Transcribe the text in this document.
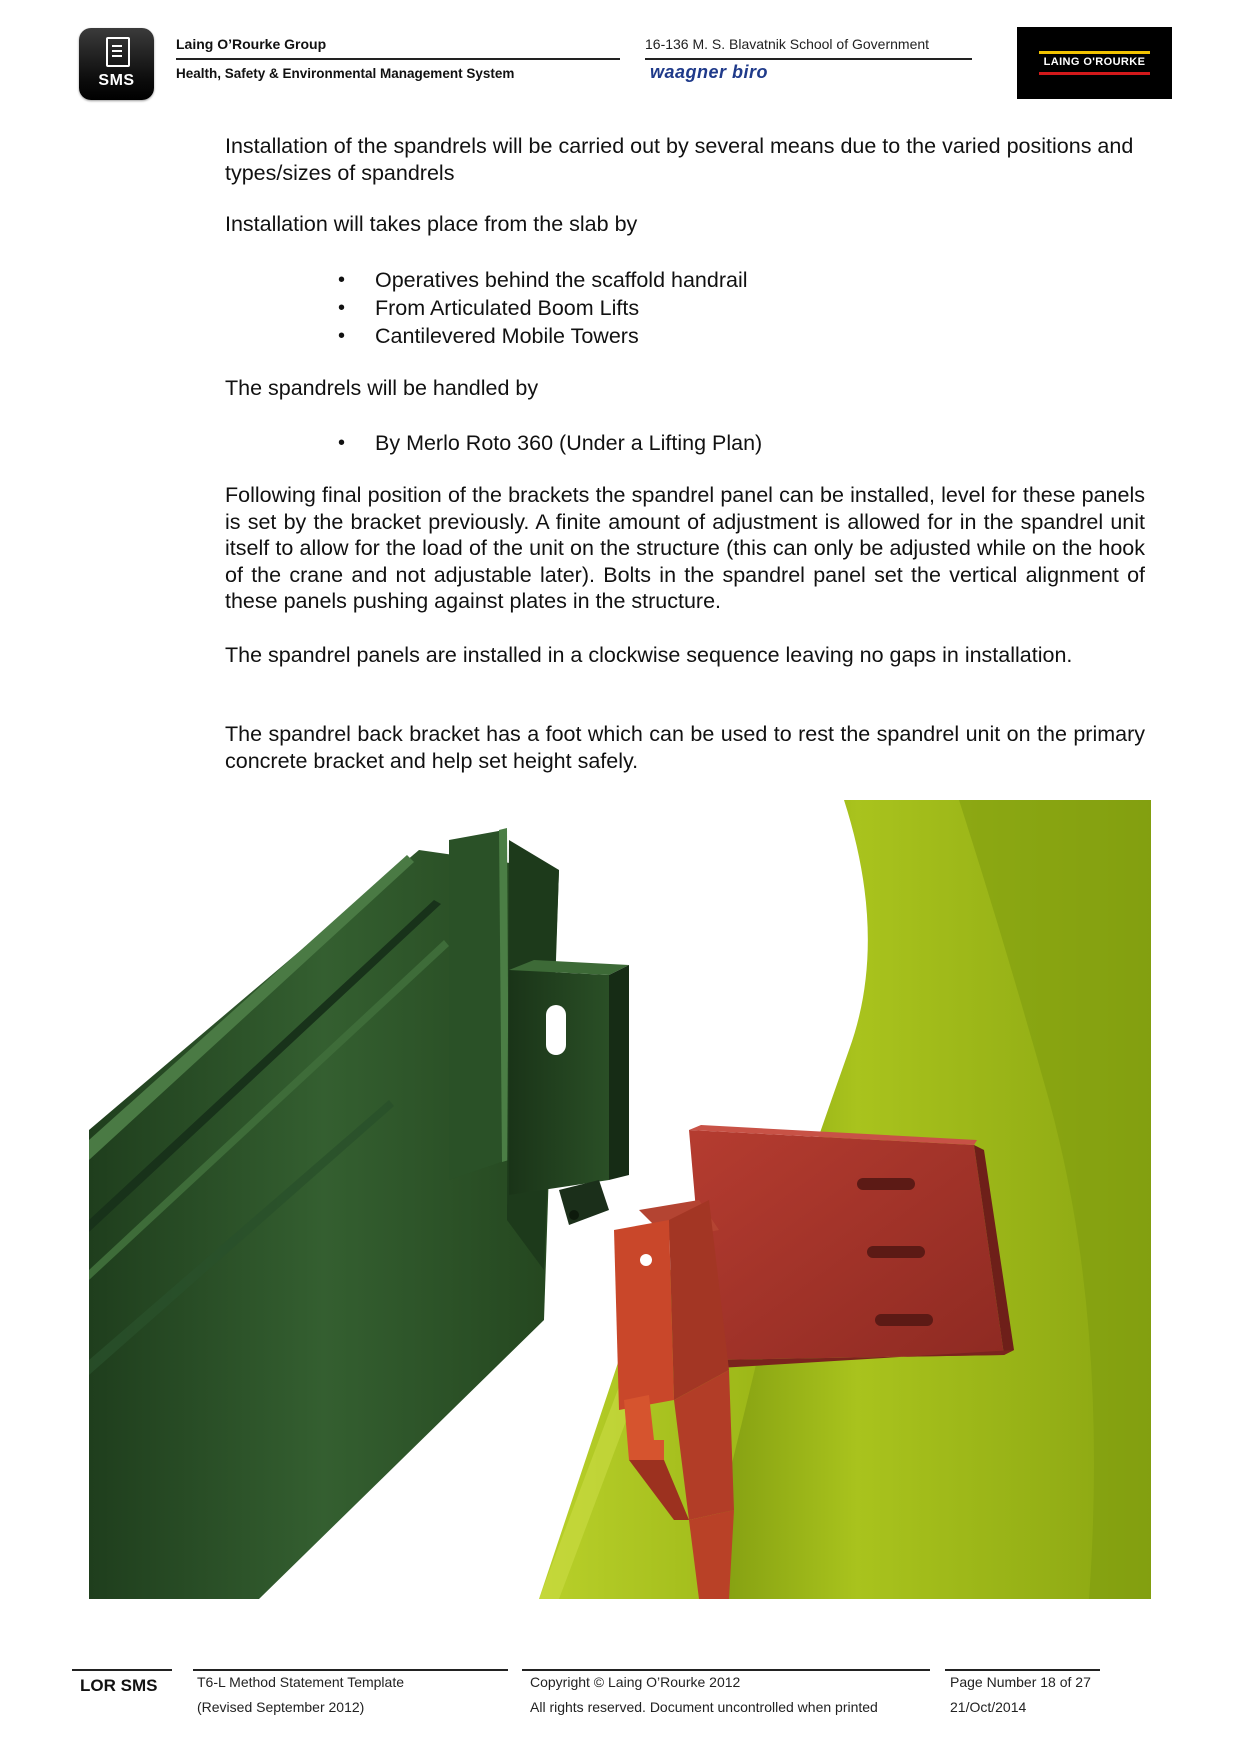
SMS
Laing O’Rourke Group
Health, Safety & Environmental Management System
16-136 M. S. Blavatnik School of Government
waagner biro	LAING O'ROURKE
Installation of the spandrels will be carried out by several means due to the varied positions and types/sizes of spandrels
Installation will takes place from the slab by
• Operatives behind the scaffold handrail
• From Articulated Boom Lifts
• Cantilevered Mobile Towers
The spandrels will be handled by
• By Merlo Roto 360 (Under a Lifting Plan)
Following final position of the brackets the spandrel panel can be installed, level for these panels is set by the bracket previously. A finite amount of adjustment is allowed for in the spandrel unit itself to allow for the load of the unit on the structure (this can only be adjusted while on the hook of the crane and not adjustable later). Bolts in the spandrel panel set the vertical alignment of these panels pushing against plates in the structure.
The spandrel panels are installed in a clockwise sequence leaving no gaps in installation.
The spandrel back bracket has a foot which can be used to rest the spandrel unit on the primary concrete bracket and help set height safely.
LOR SMS	T6-L Method Statement Template
(Revised September 2012)
Copyright © Laing O’Rourke 2012
All rights reserved. Document uncontrolled when printed
Page Number 18 of 27
21/Oct/2014
